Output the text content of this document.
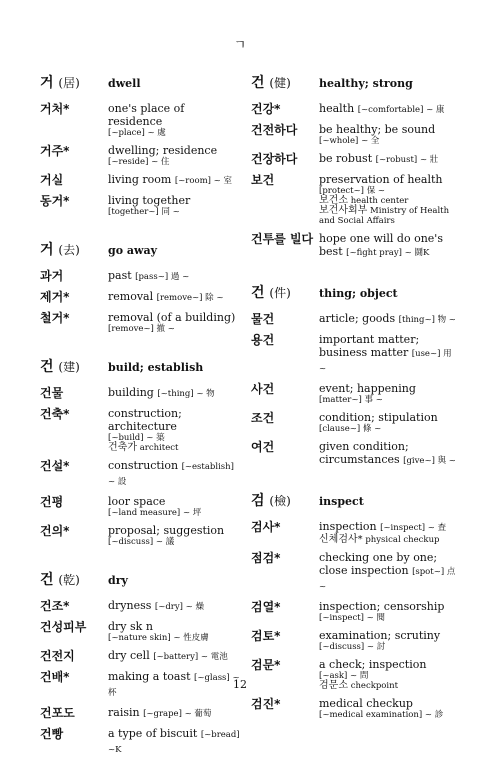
ㄱ
거 (居)	dwell
거처*	one's place of residence
[~place] ~ 處
거주*	dwelling; residence
[~reside] ~ 住
거실	living room [~room] ~ 室
동거*	living together
[together~] 同 ~
거 (去)	go away
과거	past [pass~] 過 ~
제거*	removal [remove~] 除 ~
철거*	removal (of a building)
[remove~] 撤 ~
건 (建)	build; establish
건물	building [~thing] ~ 物
건축*	construction; architecture
[~build] ~ 築
건축가 architect
건설*	construction [~establish] ~ 設
건평	loor space
[~land measure] ~ 坪
건의*	proposal; suggestion
[~discuss] ~ 議
건 (乾)	dry
건조*	dryness [~dry] ~ 燥
건성피부	dry sk n
[~nature skin] ~ 性皮膚
건전지	dry cell [~battery] ~ 電池
건배*	making a toast [~glass] ~ 杯
건포도	raisin [~grape] ~ 葡萄
건빵	a type of biscuit [~bread] ~K
건 (健)	healthy; strong
건강*	health [~comfortable] ~ 康
건전하다	be healthy; be sound
[~whole] ~ 全
건장하다	be robust [~robust] ~ 壯
보건	preservation of health
[protect~] 保 ~
보건소 health center
보건사회부 Ministry of Health and Social Affairs
건투를 빌다 hope one will do one's best [~fight pray] ~ 鬪K
건 (件)	thing; object
물건	article; goods [thing~] 物 ~
용건	important matter; business matter [use~] 用 ~
사건	event; happening
[matter~] 事 ~
조건	condition; stipulation
[clause~] 條 ~
여건	given condition; circumstances [give~] 與 ~
검 (檢)	inspect
검사*	inspection [~inspect] ~ 査
신체검사* physical checkup
점검*	checking one by one; close inspection [spot~] 点 ~
검열*	inspection; censorship
[~inspect] ~ 閱
검토*	examination; scrutiny
[~discuss] ~ 討
검문*	a check; inspection
[~ask] ~ 問
검문소 checkpoint
검진*	medical checkup
[~medical examination] ~ 診
12
